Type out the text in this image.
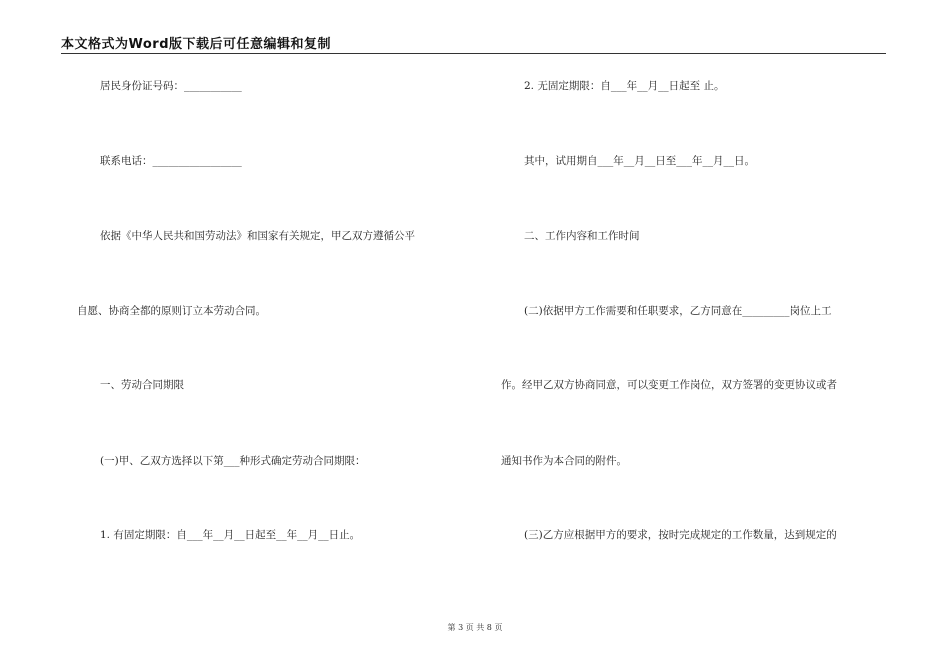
本文格式为Word版下载后可任意编辑和复制
居民身份证号码：___________
联系电话：_________________
依据《中华人民共和国劳动法》和国家有关规定，甲乙双方遵循公平
自愿、协商全都的原则订立本劳动合同。
一、劳动合同期限
(一)甲、乙双方选择以下第___种形式确定劳动合同期限：
1. 有固定期限：自___年__月__日起至__年__月__日止。
2. 无固定期限：自___年__月__日起至 止。
其中，试用期自___年__月__日至___年__月__日。
二、工作内容和工作时间
(二)依据甲方工作需要和任职要求，乙方同意在_________岗位上工
作。经甲乙双方协商同意，可以变更工作岗位，双方签署的变更协议或者
通知书作为本合同的附件。
(三)乙方应根据甲方的要求，按时完成规定的工作数量，达到规定的
第 3 页 共 8 页
